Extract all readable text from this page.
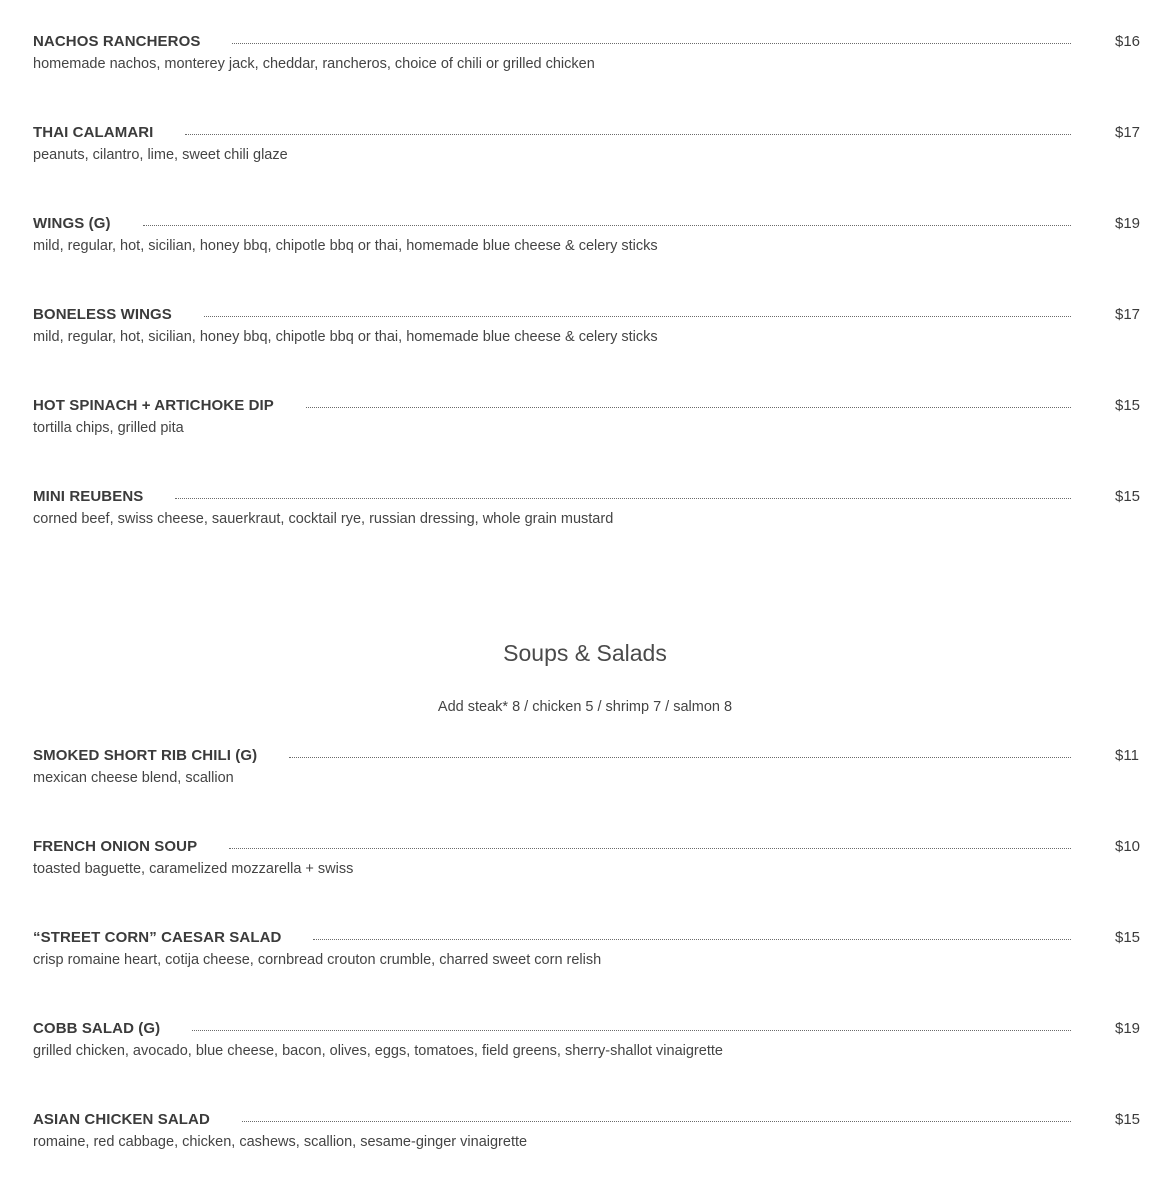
NACHOS RANCHEROS	$16
homemade nachos, monterey jack, cheddar, rancheros, choice of chili or grilled chicken
THAI CALAMARI	$17
peanuts, cilantro, lime, sweet chili glaze
WINGS (G)	$19
mild, regular, hot, sicilian, honey bbq, chipotle bbq or thai, homemade blue cheese & celery sticks
BONELESS WINGS	$17
mild, regular, hot, sicilian, honey bbq, chipotle bbq or thai, homemade blue cheese & celery sticks
HOT SPINACH + ARTICHOKE DIP	$15
tortilla chips, grilled pita
MINI REUBENS	$15
corned beef, swiss cheese, sauerkraut, cocktail rye, russian dressing, whole grain mustard
Soups & Salads
Add steak* 8 / chicken 5 / shrimp 7 / salmon 8
SMOKED SHORT RIB CHILI (G)	$11
mexican cheese blend, scallion
FRENCH ONION SOUP	$10
toasted baguette, caramelized mozzarella + swiss
“STREET CORN” CAESAR SALAD	$15
crisp romaine heart, cotija cheese, cornbread crouton crumble, charred sweet corn relish
COBB SALAD (G)	$19
grilled chicken, avocado, blue cheese, bacon, olives, eggs, tomatoes, field greens, sherry-shallot vinaigrette
ASIAN CHICKEN SALAD	$15
romaine, red cabbage, chicken, cashews, scallion, sesame-ginger vinaigrette
